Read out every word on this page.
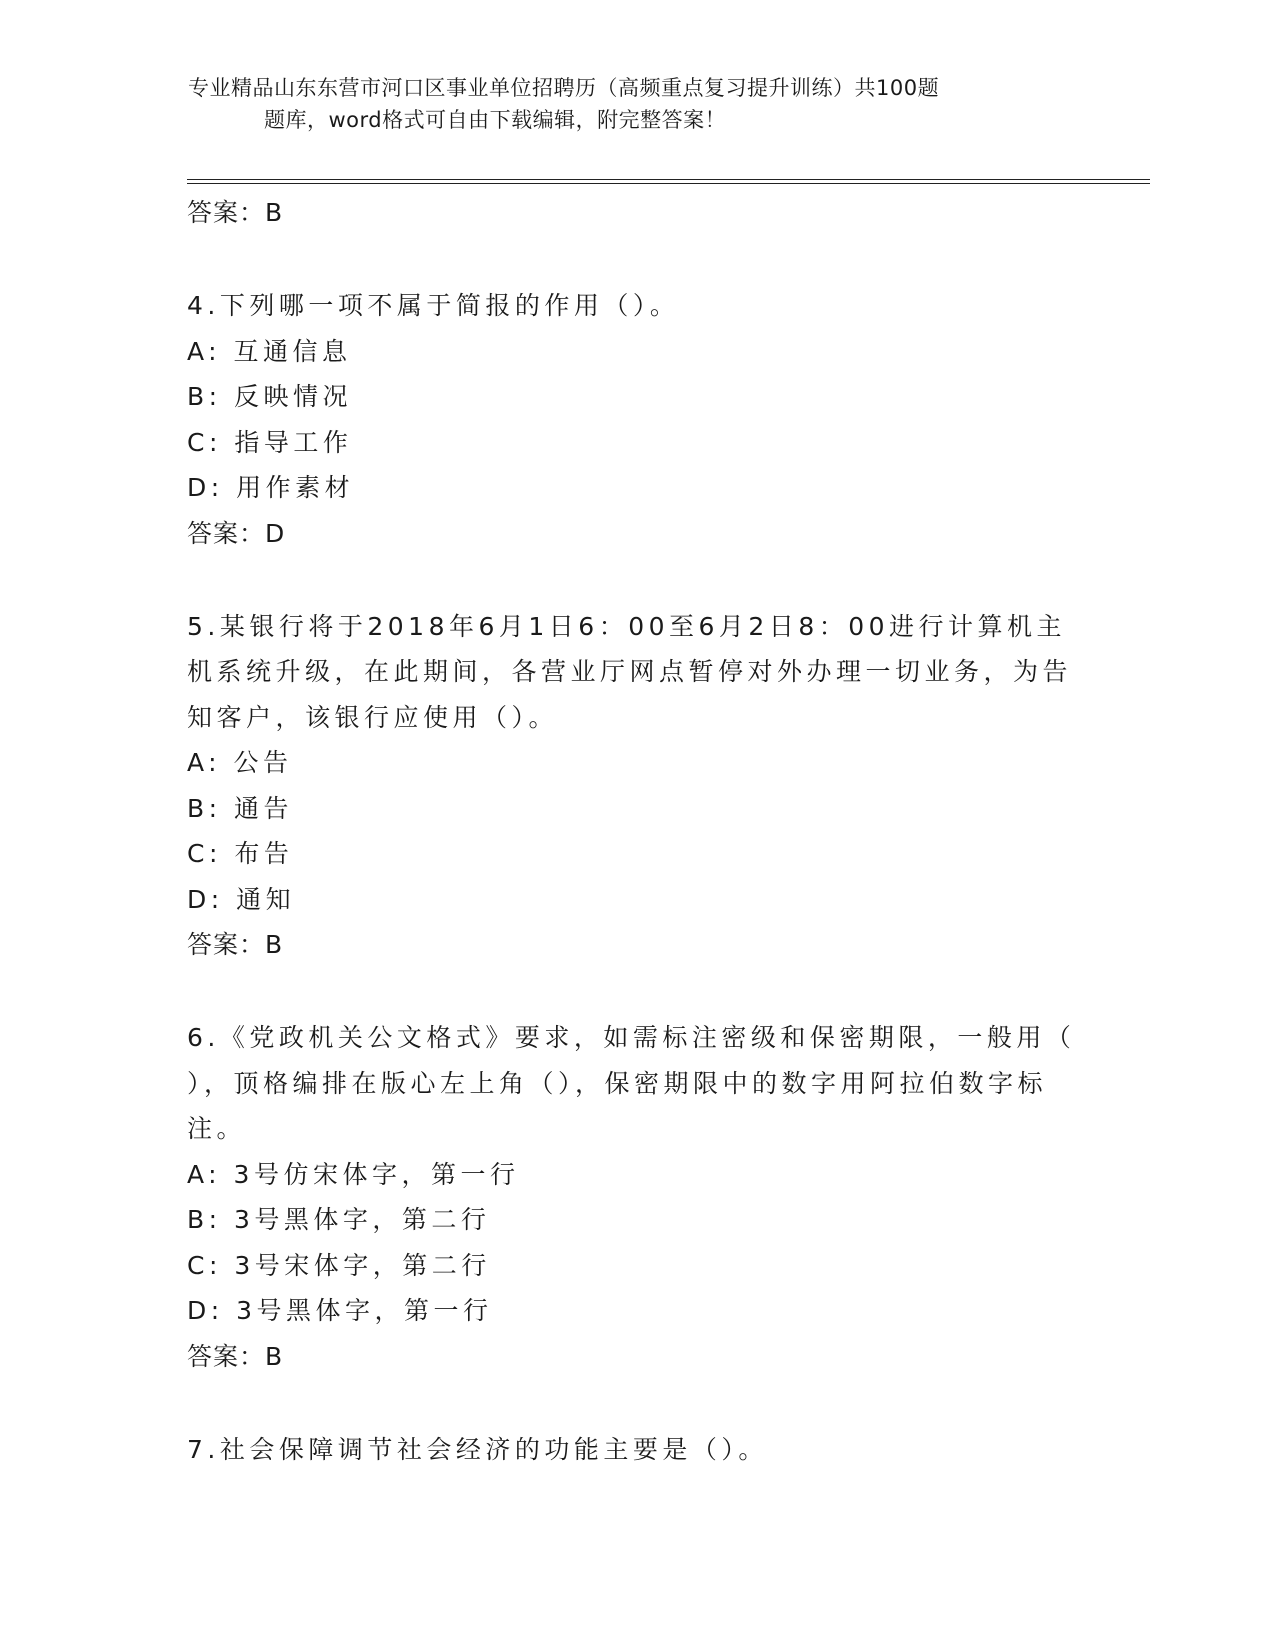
专业精品山东东营市河口区事业单位招聘历（高频重点复习提升训练）共100题
题库，word格式可自由下载编辑，附完整答案！
答案：B
4.下列哪一项不属于简报的作用（）。
A: 互通信息
B: 反映情况
C: 指导工作
D: 用作素材
答案：D
5.某银行将于2018年6月1日6：00至6月2日8：00进行计算机主
机系统升级，在此期间，各营业厅网点暂停对外办理一切业务，为告
知客户，该银行应使用（）。
A: 公告
B: 通告
C: 布告
D: 通知
答案：B
6.《党政机关公文格式》要求，如需标注密级和保密期限，一般用（
），顶格编排在版心左上角（），保密期限中的数字用阿拉伯数字标
注。
A: 3号仿宋体字，第一行
B: 3号黑体字，第二行
C: 3号宋体字，第二行
D: 3号黑体字，第一行
答案：B
7.社会保障调节社会经济的功能主要是（）。
